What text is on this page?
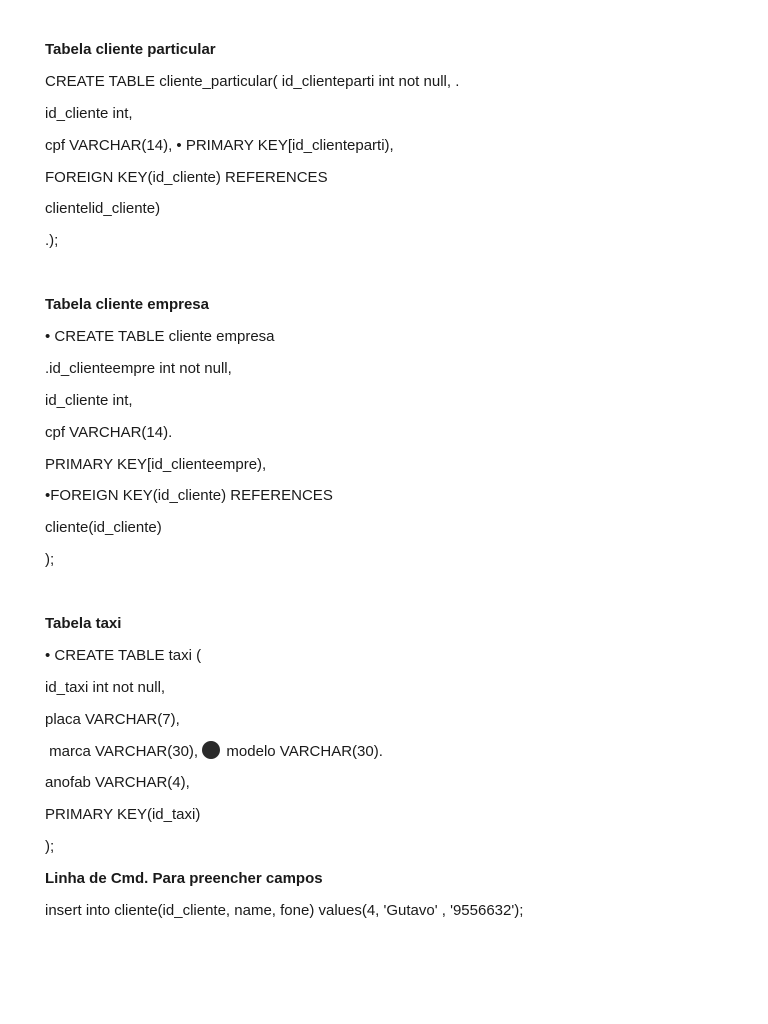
Tabela cliente particular
CREATE TABLE cliente_particular( id_clienteparti int not null, .
id_cliente int,
cpf VARCHAR(14), • PRIMARY KEY[id_clienteparti),
FOREIGN KEY(id_cliente) REFERENCES
clientelid_cliente)
.);
Tabela cliente empresa
• CREATE TABLE cliente empresa
.id_clienteempre int not null,
id_cliente int,
cpf VARCHAR(14).
PRIMARY KEY[id_clienteempre),
•FOREIGN KEY(id_cliente) REFERENCES
cliente(id_cliente)
);
Tabela taxi
• CREATE TABLE taxi (
id_taxi int not null,
placa VARCHAR(7),
marca VARCHAR(30),  modelo VARCHAR(30).
anofab VARCHAR(4),
PRIMARY KEY(id_taxi)
);
Linha de Cmd. Para preencher campos
insert into cliente(id_cliente, name, fone) values(4, 'Gutavo' , '9556632');
